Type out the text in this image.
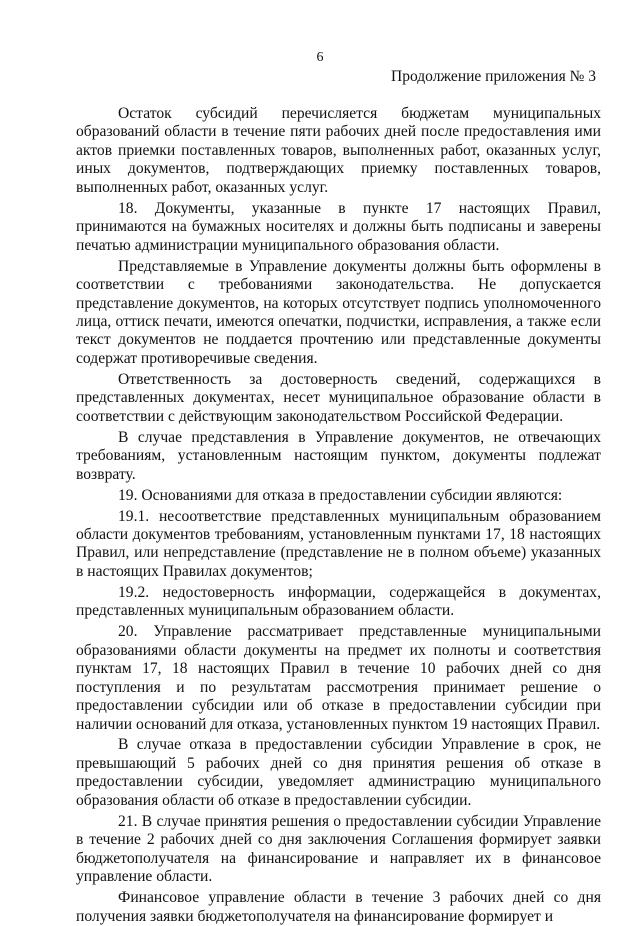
6
Продолжение приложения № 3

Остаток субсидий перечисляется бюджетам муниципальных образований области в течение пяти рабочих дней после предоставления ими актов приемки поставленных товаров, выполненных работ, оказанных услуг, иных документов, подтверждающих приемку поставленных товаров, выполненных работ, оказанных услуг.

18. Документы, указанные в пункте 17 настоящих Правил, принимаются на бумажных носителях и должны быть подписаны и заверены печатью администрации муниципального образования области.

Представляемые в Управление документы должны быть оформлены в соответствии с требованиями законодательства. Не допускается представление документов, на которых отсутствует подпись уполномоченного лица, оттиск печати, имеются опечатки, подчистки, исправления, а также если текст документов не поддается прочтению или представленные документы содержат противоречивые сведения.

Ответственность за достоверность сведений, содержащихся в представленных документах, несет муниципальное образование области в соответствии с действующим законодательством Российской Федерации.

В случае представления в Управление документов, не отвечающих требованиям, установленным настоящим пунктом, документы подлежат возврату.

19. Основаниями для отказа в предоставлении субсидии являются:

19.1. несоответствие представленных муниципальным образованием области документов требованиям, установленным пунктами 17, 18 настоящих Правил, или непредставление (представление не в полном объеме) указанных в настоящих Правилах документов;

19.2. недостоверность информации, содержащейся в документах, представленных муниципальным образованием области.

20. Управление рассматривает представленные муниципальными образованиями области документы на предмет их полноты и соответствия пунктам 17, 18 настоящих Правил в течение 10 рабочих дней со дня поступления и по результатам рассмотрения принимает решение о предоставлении субсидии или об отказе в предоставлении субсидии при наличии оснований для отказа, установленных пунктом 19 настоящих Правил.

В случае отказа в предоставлении субсидии Управление в срок, не превышающий 5 рабочих дней со дня принятия решения об отказе в предоставлении субсидии, уведомляет администрацию муниципального образования области об отказе в предоставлении субсидии.

21. В случае принятия решения о предоставлении субсидии Управление в течение 2 рабочих дней со дня заключения Соглашения формирует заявки бюджетополучателя на финансирование и направляет их в финансовое управление области.

Финансовое управление области в течение 3 рабочих дней со дня получения заявки бюджетополучателя на финансирование формирует и
